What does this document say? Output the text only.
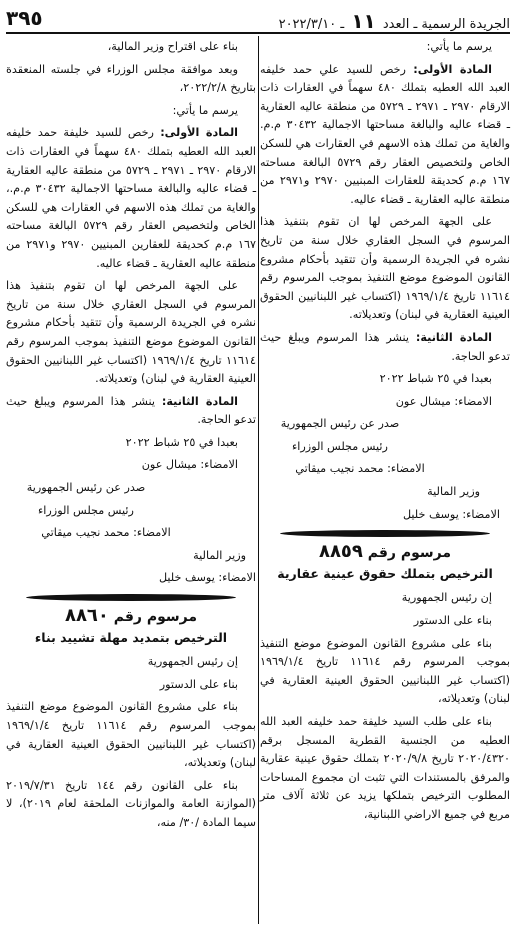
٣٩٥	الجريدة الرسمية ـ العدد ١١ ـ ٢٠٢٢/٣/١٠

يرسم ما يأتي:

المادة الأولى: رخص للسيد علي حمد خليفه العبد الله العطيه بتملك ٤٨٠ سهماً في العقارات ذات الارقام ٢٩٧٠ ـ ٢٩٧١ ـ ٥٧٢٩ من منطقة عاليه العقارية ـ قضاء عاليه والبالغة مساحتها الاجمالية ٣٠٤٣٢ م.م. والغاية من تملك هذه الاسهم في العقارات هي للسكن الخاص ولتخصيص العقار رقم ٥٧٢٩ البالغة مساحته ١٦٧ م.م كحديقة للعقارات المبنيين ٢٩٧٠ و٢٩٧١ من منطقة عاليه العقارية ـ قضاء عاليه.

على الجهة المرخص لها ان تقوم بتنفيذ هذا المرسوم في السجل العقاري خلال سنة من تاريخ نشره في الجريدة الرسمية وأن تتقيد بأحكام مشروع القانون الموضوع موضع التنفيذ بموجب المرسوم رقم ١١٦١٤ تاريخ ١٩٦٩/١/٤ (اكتساب غير اللبنانيين الحقوق العينية العقارية في لبنان) وتعديلاته.

المادة الثانية: ينشر هذا المرسوم ويبلغ حيث تدعو الحاجة.

بعبدا في ٢٥ شباط ٢٠٢٢

الامضاء: ميشال عون

صدر عن رئيس الجمهورية

رئيس مجلس الوزراء

الامضاء: محمد نجيب ميقاتي

وزير المالية

الامضاء: يوسف خليل

مرسوم رقم ٨٨٥٩
الترخيص بتملك حقوق عينية عقارية

إن رئيس الجمهورية

بناء على الدستور

بناء على مشروع القانون الموضوع موضع التنفيذ بموجب المرسوم رقم ١١٦١٤ تاريخ ١٩٦٩/١/٤ (اكتساب غير اللبنانيين الحقوق العينية العقارية في لبنان) وتعديلاته،

بناء على طلب السيد خليفة حمد خليفه العبد الله العطيه من الجنسية القطرية المسجل برقم ٢٠٢٠/٤٣٢٠ تاريخ ٢٠٢٠/٩/٨ بتملك حقوق عينية عقارية والمرفق بالمستندات التي تثبت ان مجموع المساحات المطلوب الترخيص بتملكها يزيد عن ثلاثة آلاف متر مربع في جميع الاراضي اللبنانية،

بناء على اقتراح وزير المالية،

وبعد موافقة مجلس الوزراء في جلسته المنعقدة بتاريخ ٢٠٢٢/٢/٨،

يرسم ما يأتي:

المادة الأولى: رخص للسيد خليفة حمد خليفه العبد الله العطيه بتملك ٤٨٠ سهماً في العقارات ذات الارقام ٢٩٧٠ ـ ٢٩٧١ ـ ٥٧٢٩ من منطقة عاليه العقارية ـ قضاء عاليه والبالغة مساحتها الاجمالية ٣٠٤٣٢ م.م.، والغاية من تملك هذه الاسهم في العقارات هي للسكن الخاص ولتخصيص العقار رقم ٥٧٢٩ البالغة مساحته ١٦٧ م.م كحديقة للعقارين المبنيين ٢٩٧٠ و٢٩٧١ من منطقة عاليه العقارية ـ قضاء عاليه.

على الجهة المرخص لها ان تقوم بتنفيذ هذا المرسوم في السجل العقاري خلال سنة من تاريخ نشره في الجريدة الرسمية وأن تتقيد بأحكام مشروع القانون الموضوع موضع التنفيذ بموجب المرسوم رقم ١١٦١٤ تاريخ ١٩٦٩/١/٤ (اكتساب غير اللبنانيين الحقوق العينية العقارية في لبنان) وتعديلاته.

المادة الثانية: ينشر هذا المرسوم ويبلغ حيث تدعو الحاجة.

بعبدا في ٢٥ شباط ٢٠٢٢

الامضاء: ميشال عون

صدر عن رئيس الجمهورية

رئيس مجلس الوزراء

الامضاء: محمد نجيب ميقاتي

وزير المالية

الامضاء: يوسف خليل

مرسوم رقم ٨٨٦٠
الترخيص بتمديد مهلة تشييد بناء

إن رئيس الجمهورية

بناء على الدستور

بناء على مشروع القانون الموضوع موضع التنفيذ بموجب المرسوم رقم ١١٦١٤ تاريخ ١٩٦٩/١/٤ (اكتساب غير اللبنانيين الحقوق العينية العقارية في لبنان) وتعديلاته،

بناء على القانون رقم ١٤٤ تاريخ ٢٠١٩/٧/٣١ (الموازنة العامة والموازنات الملحقة لعام ٢٠١٩)، لا سيما المادة /٣٠/ منه،
